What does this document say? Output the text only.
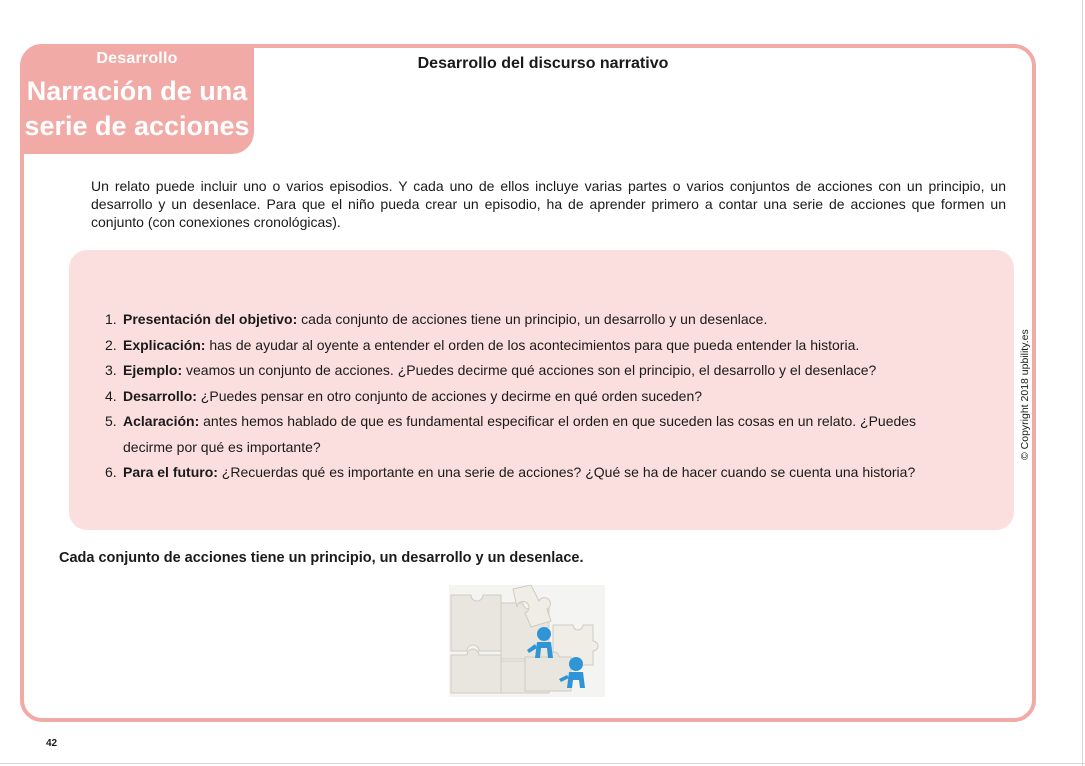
Desarrollo
Narración de una
serie de acciones
Desarrollo del discurso narrativo
Un relato puede incluir uno o varios episodios. Y cada uno de ellos incluye varias partes o varios conjuntos de acciones con un principio, un desarrollo y un desenlace. Para que el niño pueda crear un episodio, ha de aprender primero a contar una serie de acciones que formen un conjunto (con conexiones cronológicas).
1. Presentación del objetivo: cada conjunto de acciones tiene un principio, un desarrollo y un desenlace.
2. Explicación: has de ayudar al oyente a entender el orden de los acontecimientos para que pueda entender la historia.
3. Ejemplo: veamos un conjunto de acciones. ¿Puedes decirme qué acciones son el principio, el desarrollo y el desenlace?
4. Desarrollo: ¿Puedes pensar en otro conjunto de acciones y decirme en qué orden suceden?
5. Aclaración: antes hemos hablado de que es fundamental especificar el orden en que suceden las cosas en un relato. ¿Puedes decirme por qué es importante?
6. Para el futuro: ¿Recuerdas qué es importante en una serie de acciones? ¿Qué se ha de hacer cuando se cuenta una historia?
© Copyright 2018 upbility.es
Cada conjunto de acciones tiene un principio, un desarrollo y un desenlace.
42
